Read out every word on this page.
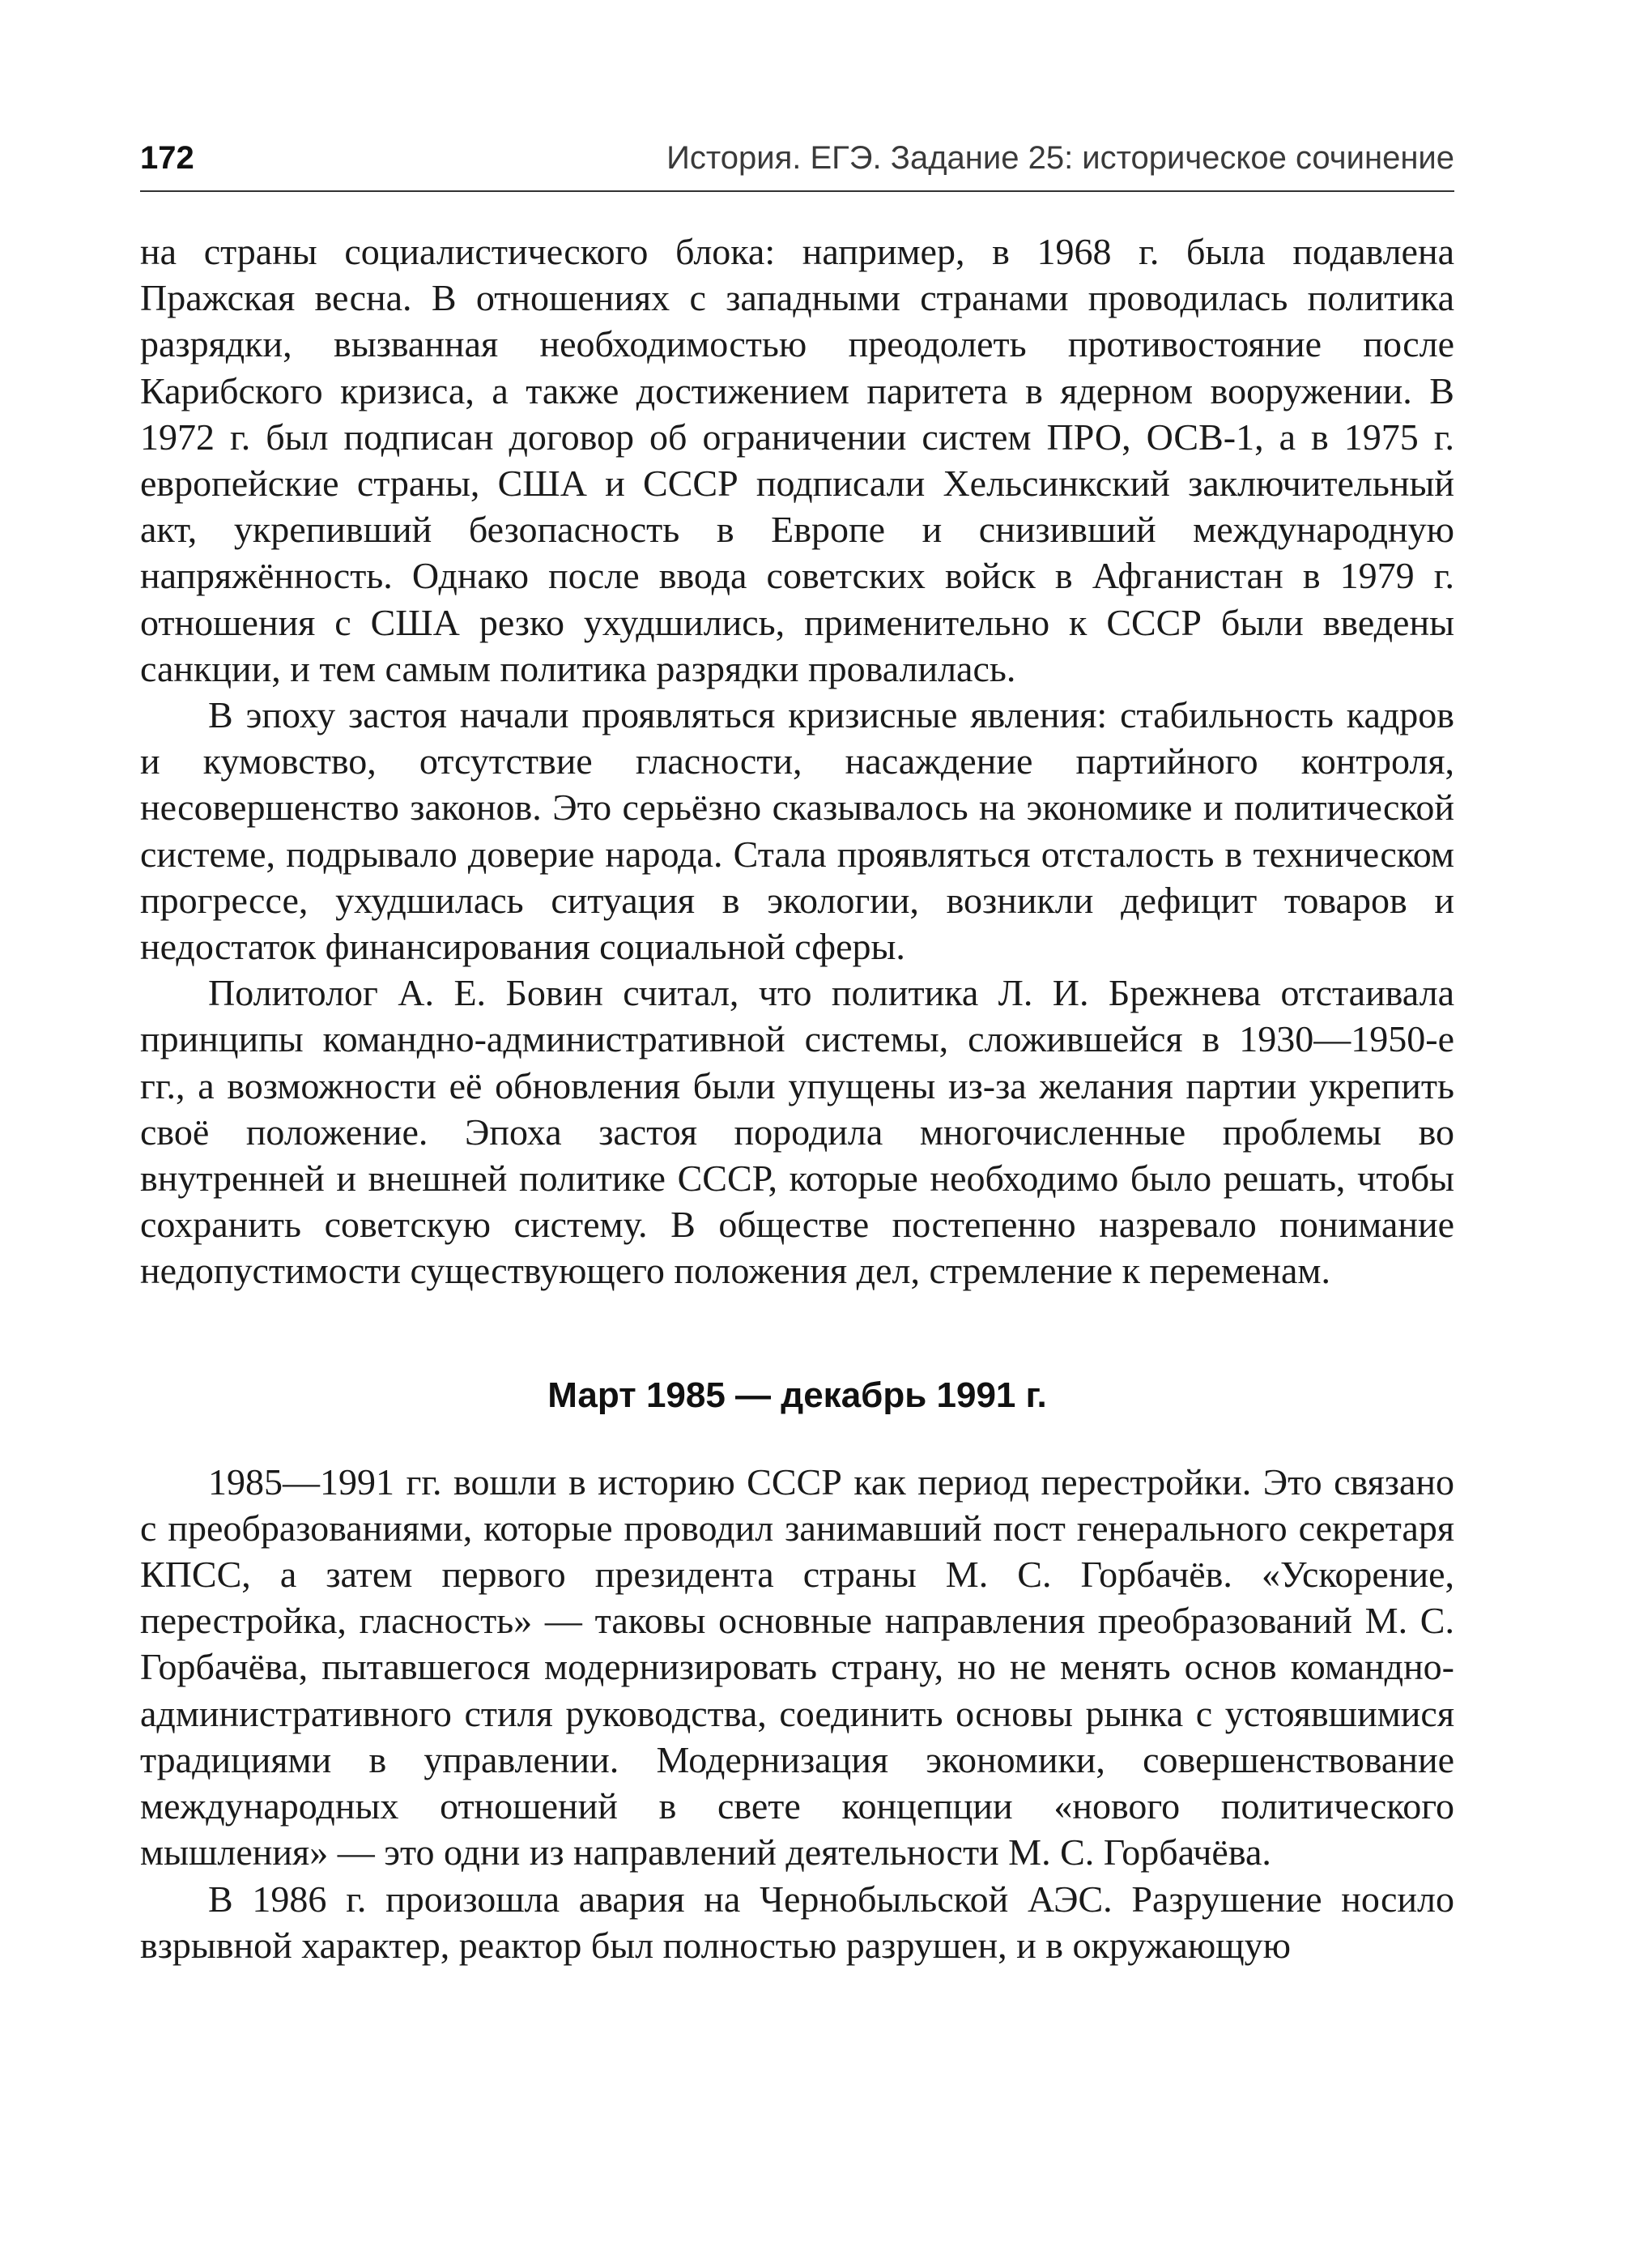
172	История. ЕГЭ. Задание 25: историческое сочинение

на страны социалистического блока: например, в 1968 г. была подавлена Пражская весна. В отношениях с западными странами проводилась политика разрядки, вызванная необходимостью преодолеть противостояние после Карибского кризиса, а также достижением паритета в ядерном вооружении. В 1972 г. был подписан договор об ограничении систем ПРО, ОСВ-1, а в 1975 г. европейские страны, США и СССР подписали Хельсинкский заключительный акт, укрепивший безопасность в Европе и снизивший международную напряжённость. Однако после ввода советских войск в Афганистан в 1979 г. отношения с США резко ухудшились, применительно к СССР были введены санкции, и тем самым политика разрядки провалилась.

В эпоху застоя начали проявляться кризисные явления: стабильность кадров и кумовство, отсутствие гласности, насаждение партийного контроля, несовершенство законов. Это серьёзно сказывалось на экономике и политической системе, подрывало доверие народа. Стала проявляться отсталость в техническом прогрессе, ухудшилась ситуация в экологии, возникли дефицит товаров и недостаток финансирования социальной сферы.

Политолог А. Е. Бовин считал, что политика Л. И. Брежнева отстаивала принципы командно-административной системы, сложившейся в 1930—1950-е гг., а возможности её обновления были упущены из-за желания партии укрепить своё положение. Эпоха застоя породила многочисленные проблемы во внутренней и внешней политике СССР, которые необходимо было решать, чтобы сохранить советскую систему. В обществе постепенно назревало понимание недопустимости существующего положения дел, стремление к переменам.

Март 1985 — декабрь 1991 г.

1985—1991 гг. вошли в историю СССР как период перестройки. Это связано с преобразованиями, которые проводил занимавший пост генерального секретаря КПСС, а затем первого президента страны М. С. Горбачёв. «Ускорение, перестройка, гласность» — таковы основные направления преобразований М. С. Горбачёва, пытавшегося модернизировать страну, но не менять основ командно-административного стиля руководства, соединить основы рынка с устоявшимися традициями в управлении. Модернизация экономики, совершенствование международных отношений в свете концепции «нового политического мышления» — это одни из направлений деятельности М. С. Горбачёва.

В 1986 г. произошла авария на Чернобыльской АЭС. Разрушение носило взрывной характер, реактор был полностью разрушен, и в окружающую
